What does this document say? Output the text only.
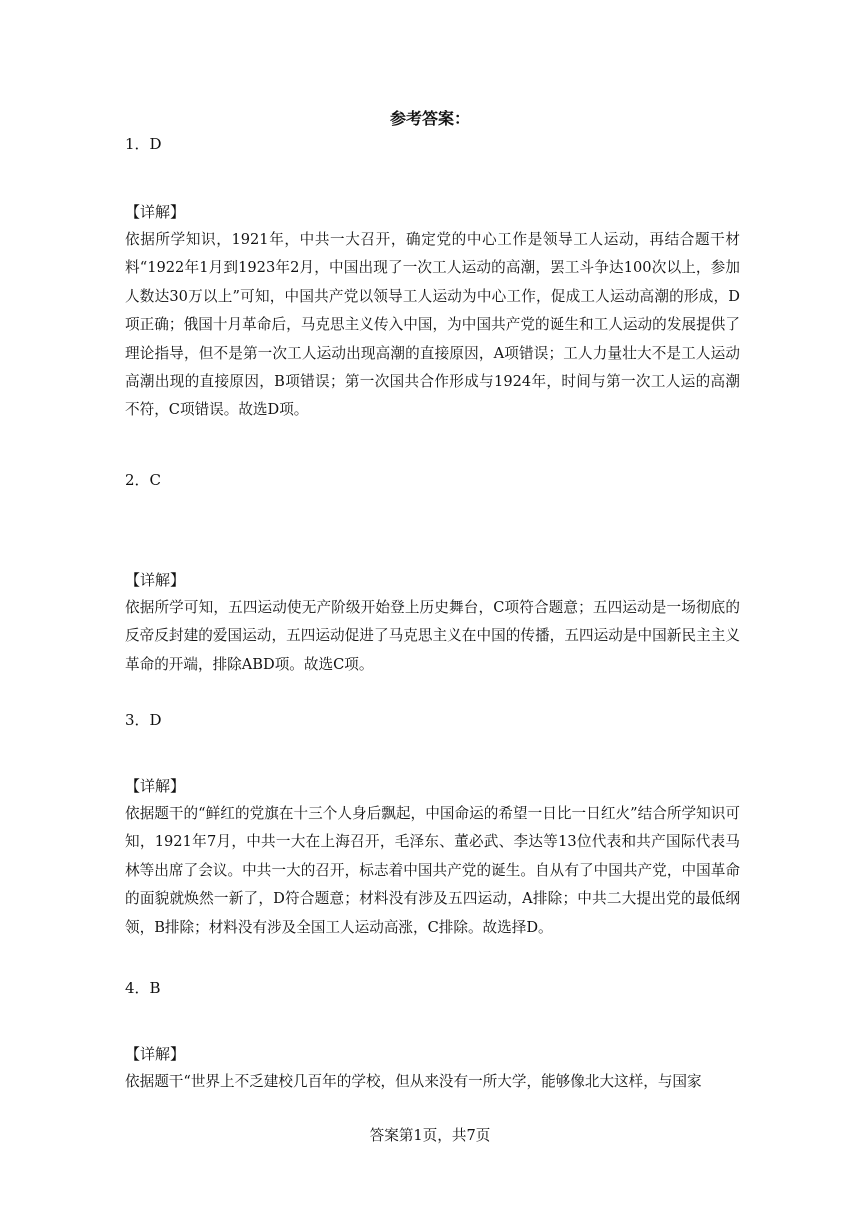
参考答案：
1．D
【详解】
依据所学知识，1921年，中共一大召开，确定党的中心工作是领导工人运动，再结合题干材料“1922年1月到1923年2月，中国出现了一次工人运动的高潮，罢工斗争达100次以上，参加人数达30万以上”可知，中国共产党以领导工人运动为中心工作，促成工人运动高潮的形成，D项正确；俄国十月革命后，马克思主义传入中国，为中国共产党的诞生和工人运动的发展提供了理论指导，但不是第一次工人运动出现高潮的直接原因，A项错误；工人力量壮大不是工人运动高潮出现的直接原因，B项错误；第一次国共合作形成与1924年，时间与第一次工人运的高潮不符，C项错误。故选D项。
2．C
【详解】
依据所学可知，五四运动使无产阶级开始登上历史舞台，C项符合题意；五四运动是一场彻底的反帝反封建的爱国运动，五四运动促进了马克思主义在中国的传播，五四运动是中国新民主主义革命的开端，排除ABD项。故选C项。
3．D
【详解】
依据题干的“鲜红的党旗在十三个人身后飘起，中国命运的希望一日比一日红火”结合所学知识可知，1921年7月，中共一大在上海召开，毛泽东、董必武、李达等13位代表和共产国际代表马林等出席了会议。中共一大的召开，标志着中国共产党的诞生。自从有了中国共产党，中国革命的面貌就焕然一新了，D符合题意；材料没有涉及五四运动，A排除；中共二大提出党的最低纲领，B排除；材料没有涉及全国工人运动高涨，C排除。故选择D。
4．B
【详解】
依据题干“世界上不乏建校几百年的学校，但从来没有一所大学，能够像北大这样，与国家
答案第1页，共7页
